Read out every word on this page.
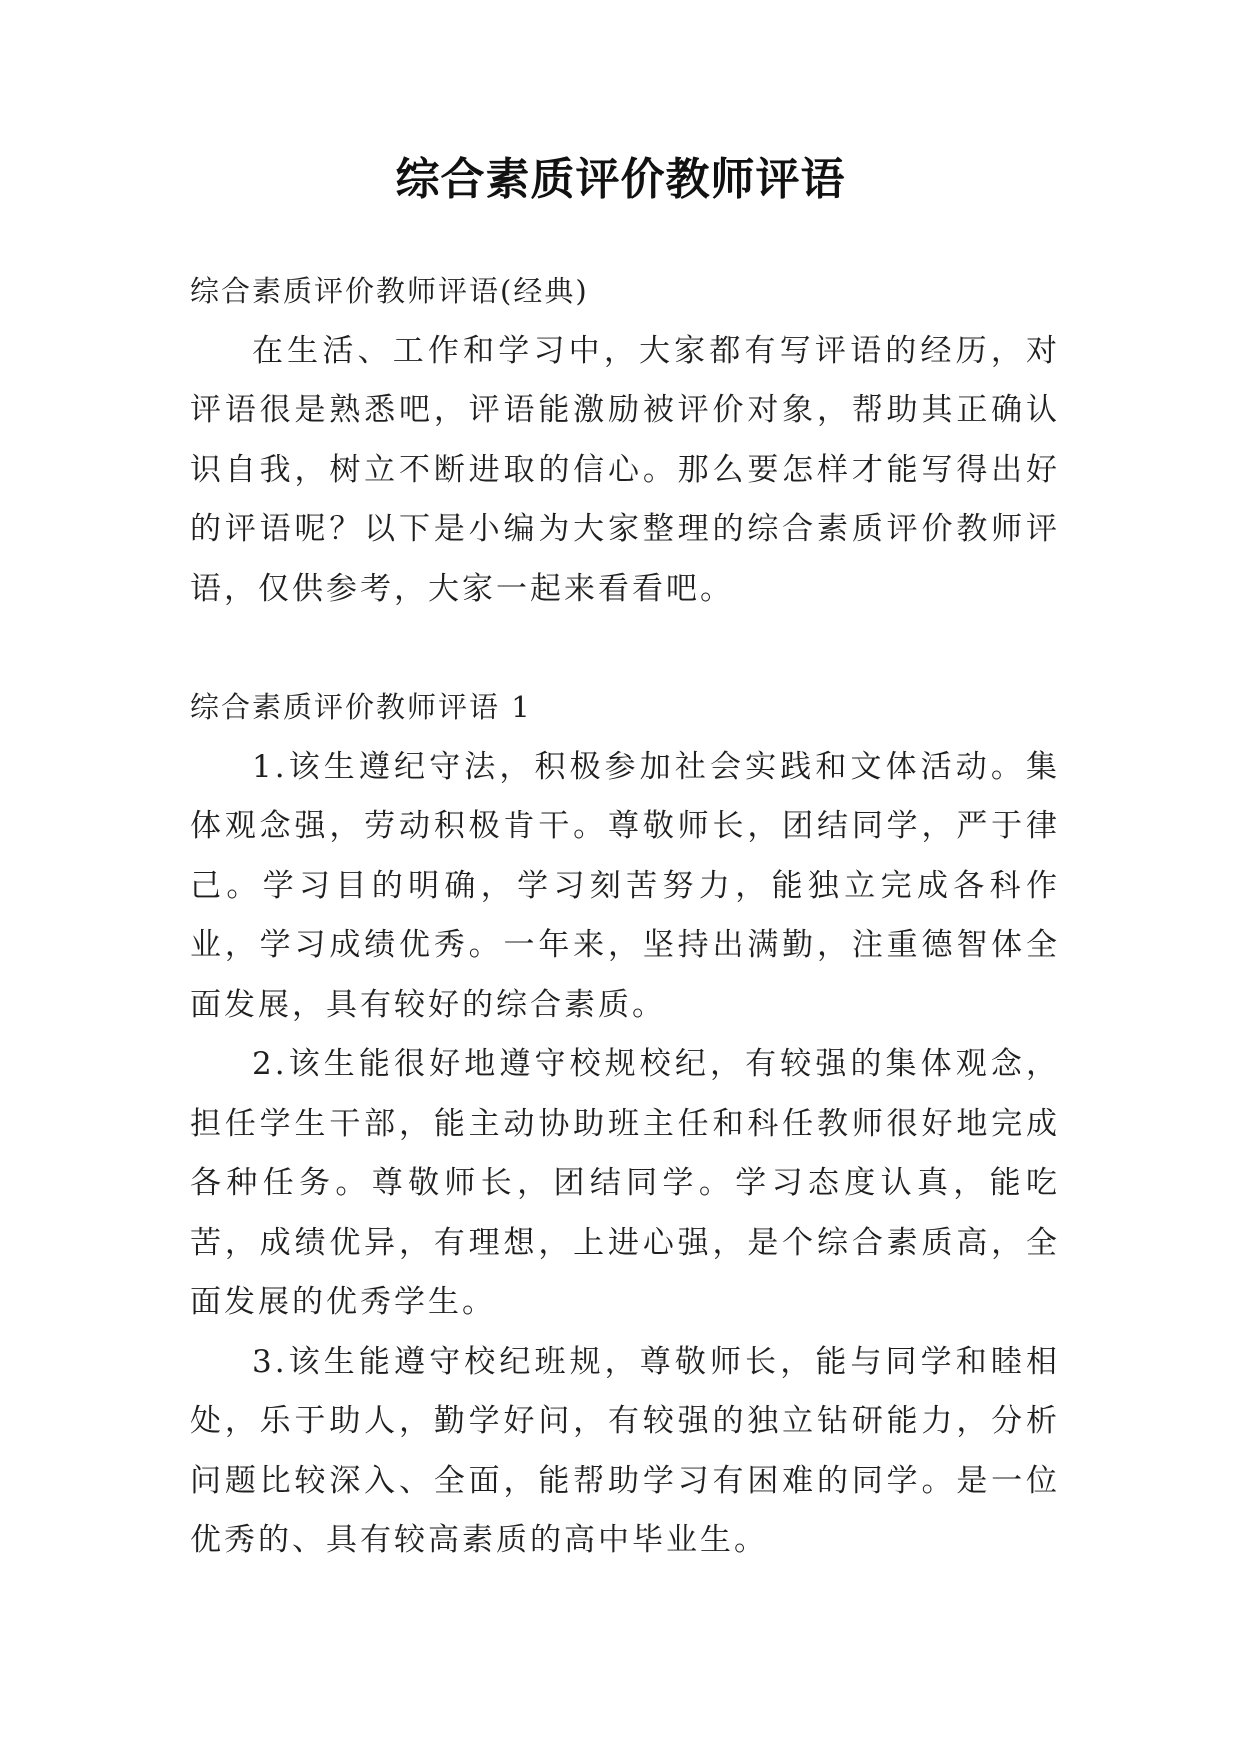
综合素质评价教师评语

综合素质评价教师评语(经典)

在生活、工作和学习中，大家都有写评语的经历，对评语很是熟悉吧，评语能激励被评价对象，帮助其正确认识自我，树立不断进取的信心。那么要怎样才能写得出好的评语呢？以下是小编为大家整理的综合素质评价教师评语，仅供参考，大家一起来看看吧。

综合素质评价教师评语 1

1.该生遵纪守法，积极参加社会实践和文体活动。集体观念强，劳动积极肯干。尊敬师长，团结同学，严于律己。学习目的明确，学习刻苦努力，能独立完成各科作业，学习成绩优秀。一年来，坚持出满勤，注重德智体全面发展，具有较好的综合素质。

2.该生能很好地遵守校规校纪，有较强的集体观念，担任学生干部，能主动协助班主任和科任教师很好地完成各种任务。尊敬师长，团结同学。学习态度认真，能吃苦，成绩优异，有理想，上进心强，是个综合素质高，全面发展的优秀学生。

3.该生能遵守校纪班规，尊敬师长，能与同学和睦相处，乐于助人，勤学好问，有较强的独立钻研能力，分析问题比较深入、全面，能帮助学习有困难的同学。是一位优秀的、具有较高素质的高中毕业生。
